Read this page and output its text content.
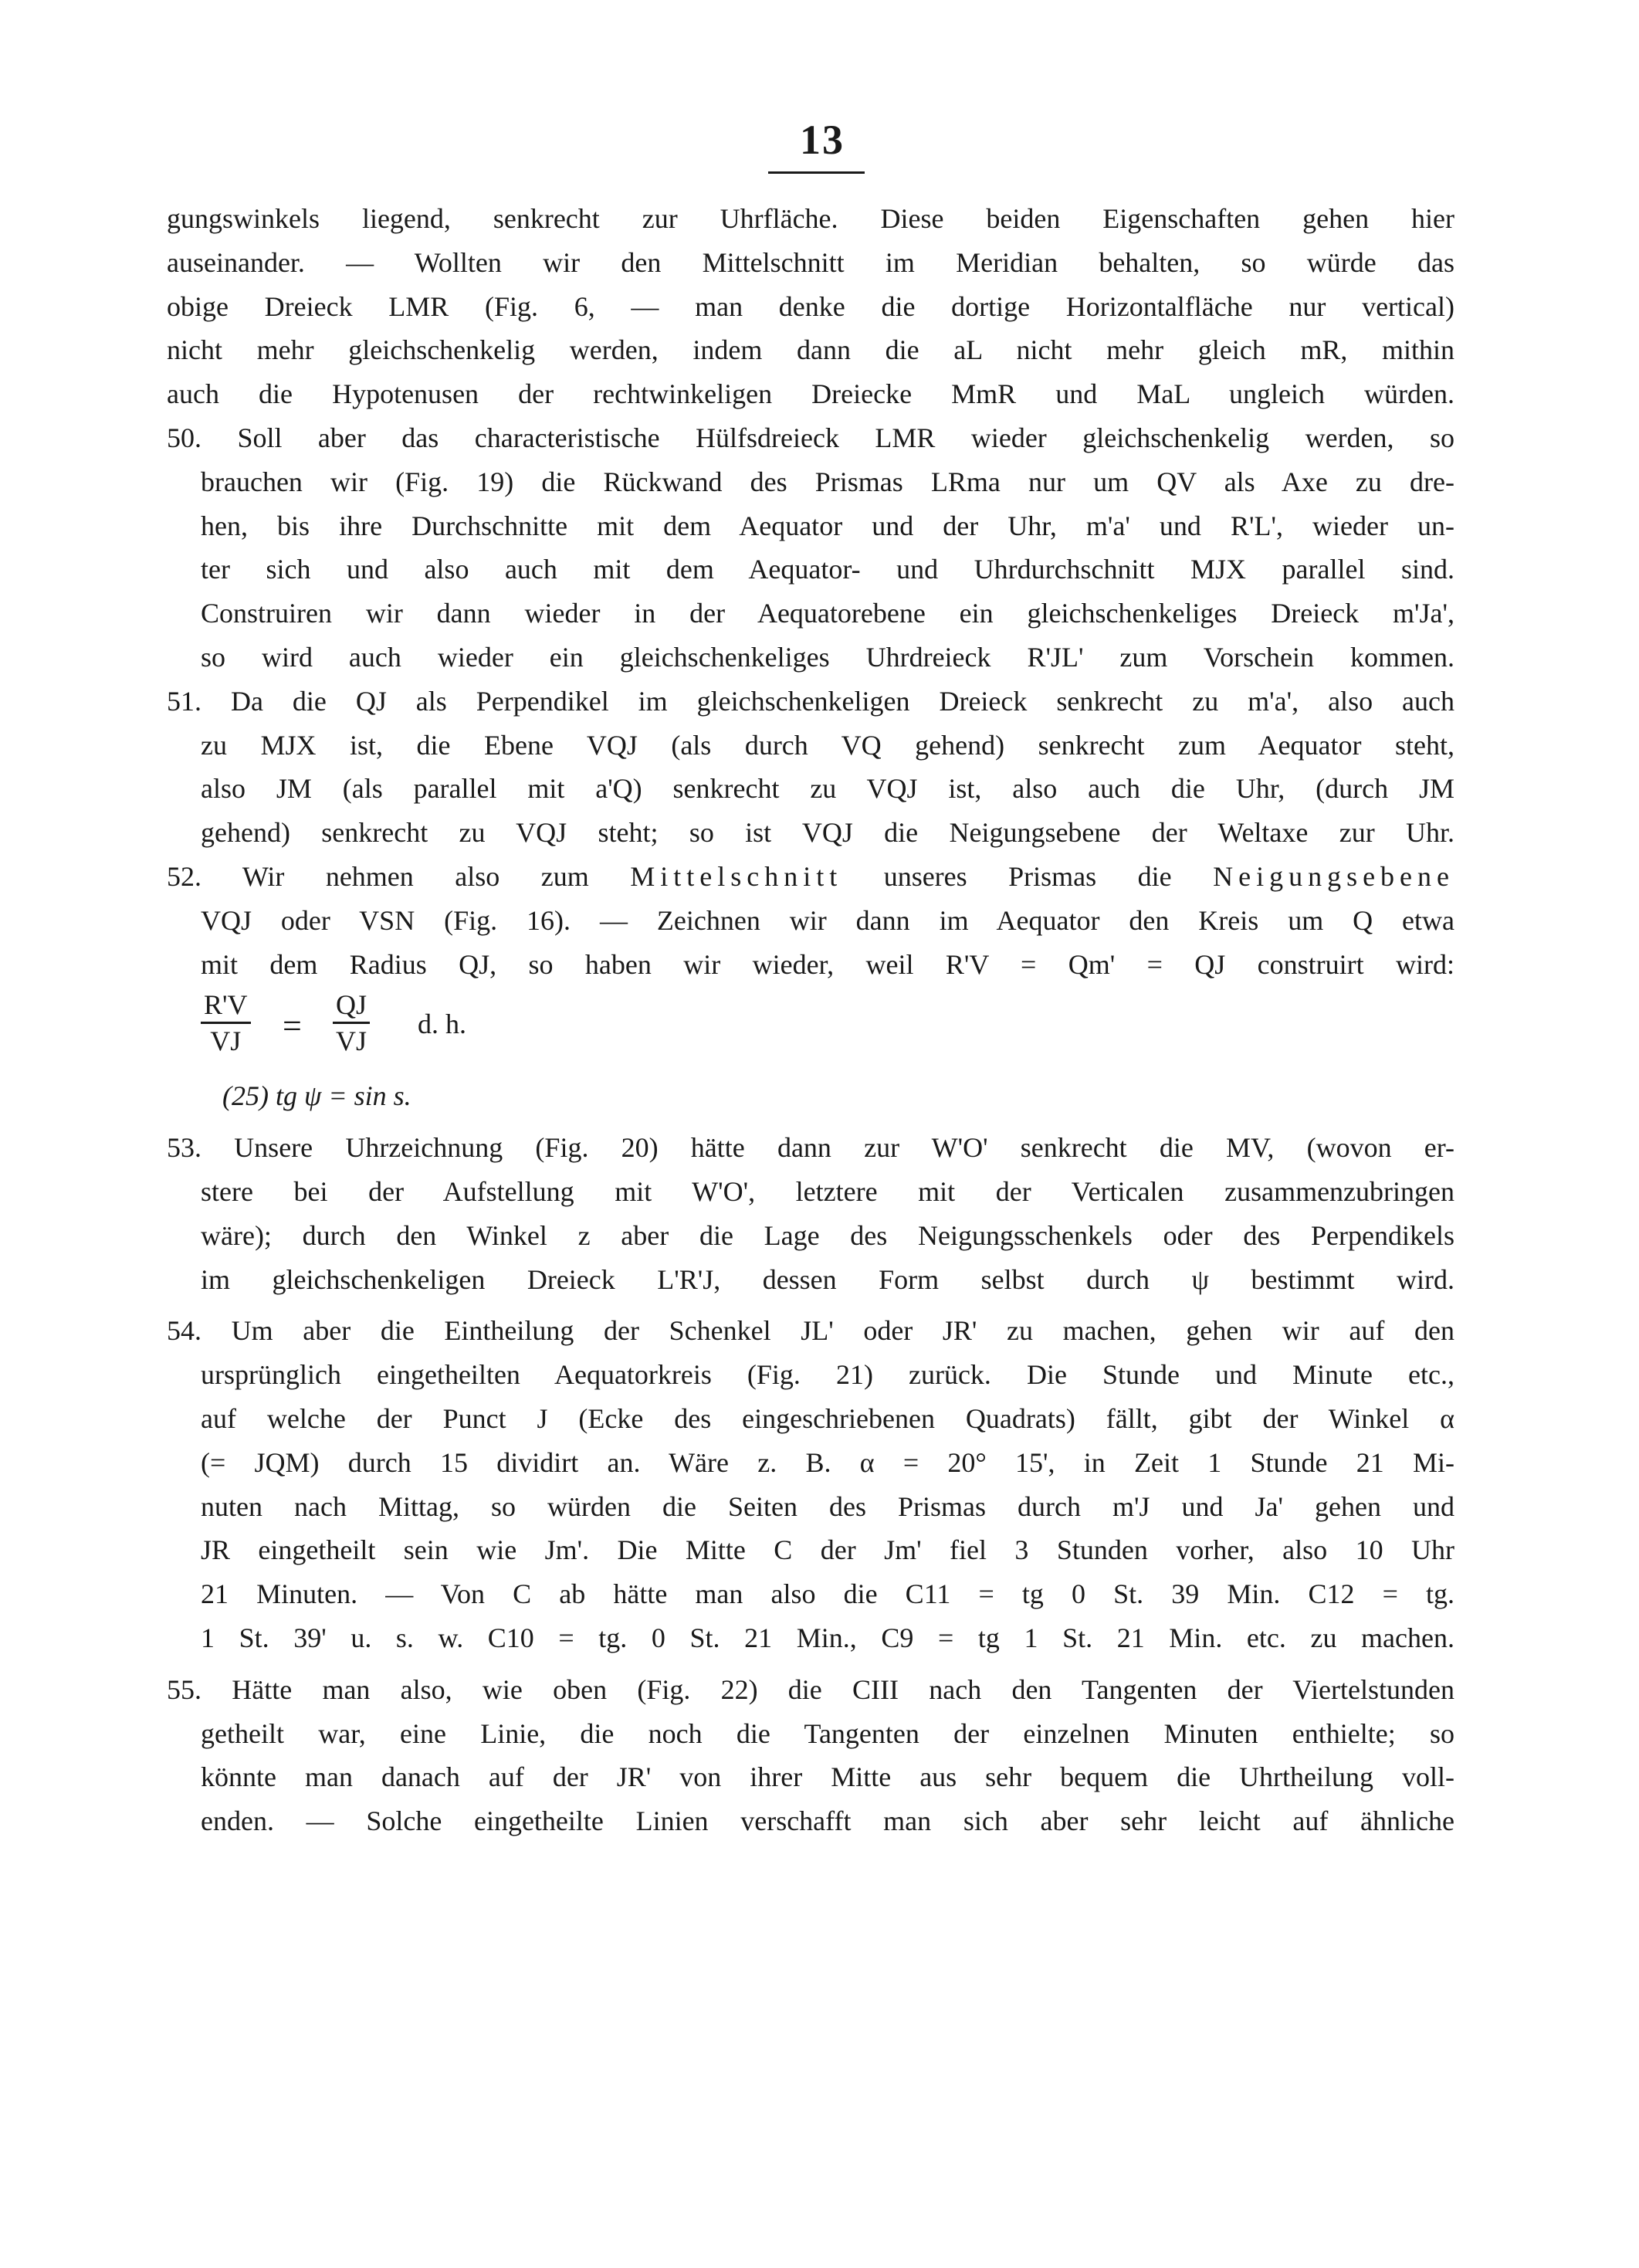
13
gungswinkels liegend, senkrecht zur Uhrfläche. Diese beiden Eigenschaften gehen hier
auseinander. — Wollten wir den Mittelschnitt im Meridian behalten, so würde das
obige Dreieck LMR (Fig. 6, — man denke die dortige Horizontalfläche nur vertical)
nicht mehr gleichschenkelig werden, indem dann die aL nicht mehr gleich mR, mithin
auch die Hypotenusen der rechtwinkeligen Dreiecke MmR und MaL ungleich würden.
50. Soll aber das characteristische Hülfsdreieck LMR wieder gleichschenkelig werden, so
brauchen wir (Fig. 19) die Rückwand des Prismas LRma nur um QV als Axe zu dre-
hen, bis ihre Durchschnitte mit dem Aequator und der Uhr, m'a' und R'L', wieder un-
ter sich und also auch mit dem Aequator- und Uhrdurchschnitt MJX parallel sind.
Construiren wir dann wieder in der Aequatorebene ein gleichschenkeliges Dreieck m'Ja',
so wird auch wieder ein gleichschenkeliges Uhrdreieck R'JL' zum Vorschein kommen.
51. Da die QJ als Perpendikel im gleichschenkeligen Dreieck senkrecht zu m'a', also auch
zu MJX ist, die Ebene VQJ (als durch VQ gehend) senkrecht zum Aequator steht,
also JM (als parallel mit a'Q) senkrecht zu VQJ ist, also auch die Uhr, (durch JM
gehend) senkrecht zu VQJ steht; so ist VQJ die Neigungsebene der Weltaxe zur Uhr.
52. Wir nehmen also zum Mittelschnitt unseres Prismas die Neigungsebene
VQJ oder VSN (Fig. 16). — Zeichnen wir dann im Aequator den Kreis um Q etwa
mit dem Radius QJ, so haben wir wieder, weil R'V = Qm' = QJ construirt wird:
$\frac{R'V}{VJ} = \frac{QJ}{VJ} d$. h.
(25) tg ψ = sin s.
53. Unsere Uhrzeichnung (Fig. 20) hätte dann zur W'O' senkrecht die MV, (wovon er-
stere bei der Aufstellung mit W'O', letztere mit der Verticalen zusammenzubringen
wäre); durch den Winkel z aber die Lage des Neigungsschenkels oder des Perpendikels
im gleichschenkeligen Dreieck L'R'J, dessen Form selbst durch ψ bestimmt wird.
54. Um aber die Eintheilung der Schenkel JL' oder JR' zu machen, gehen wir auf den
ursprünglich eingetheilten Aequatorkreis (Fig. 21) zurück. Die Stunde und Minute etc.,
auf welche der Punct J (Ecke des eingeschriebenen Quadrats) fällt, gibt der Winkel α
(= JQM) durch 15 dividirt an. Wäre z. B. α = 20° 15', in Zeit 1 Stunde 21 Mi-
nuten nach Mittag, so würden die Seiten des Prismas durch m'J und Ja' gehen und
JR eingetheilt sein wie Jm'. Die Mitte C der Jm' fiel 3 Stunden vorher, also 10 Uhr
21 Minuten. — Von C ab hätte man also die C11 = tg 0 St. 39 Min. C12 = tg.
1 St. 39' u. s. w. C10 = tg. 0 St. 21 Min., C9 = tg 1 St. 21 Min. etc. zu machen.
55. Hätte man also, wie oben (Fig. 22) die CIII nach den Tangenten der Viertelstunden
getheilt war, eine Linie, die noch die Tangenten der einzelnen Minuten enthielte; so
könnte man danach auf der JR' von ihrer Mitte aus sehr bequem die Uhrtheilung voll-
enden. — Solche eingetheilte Linien verschafft man sich aber sehr leicht auf ähnliche
